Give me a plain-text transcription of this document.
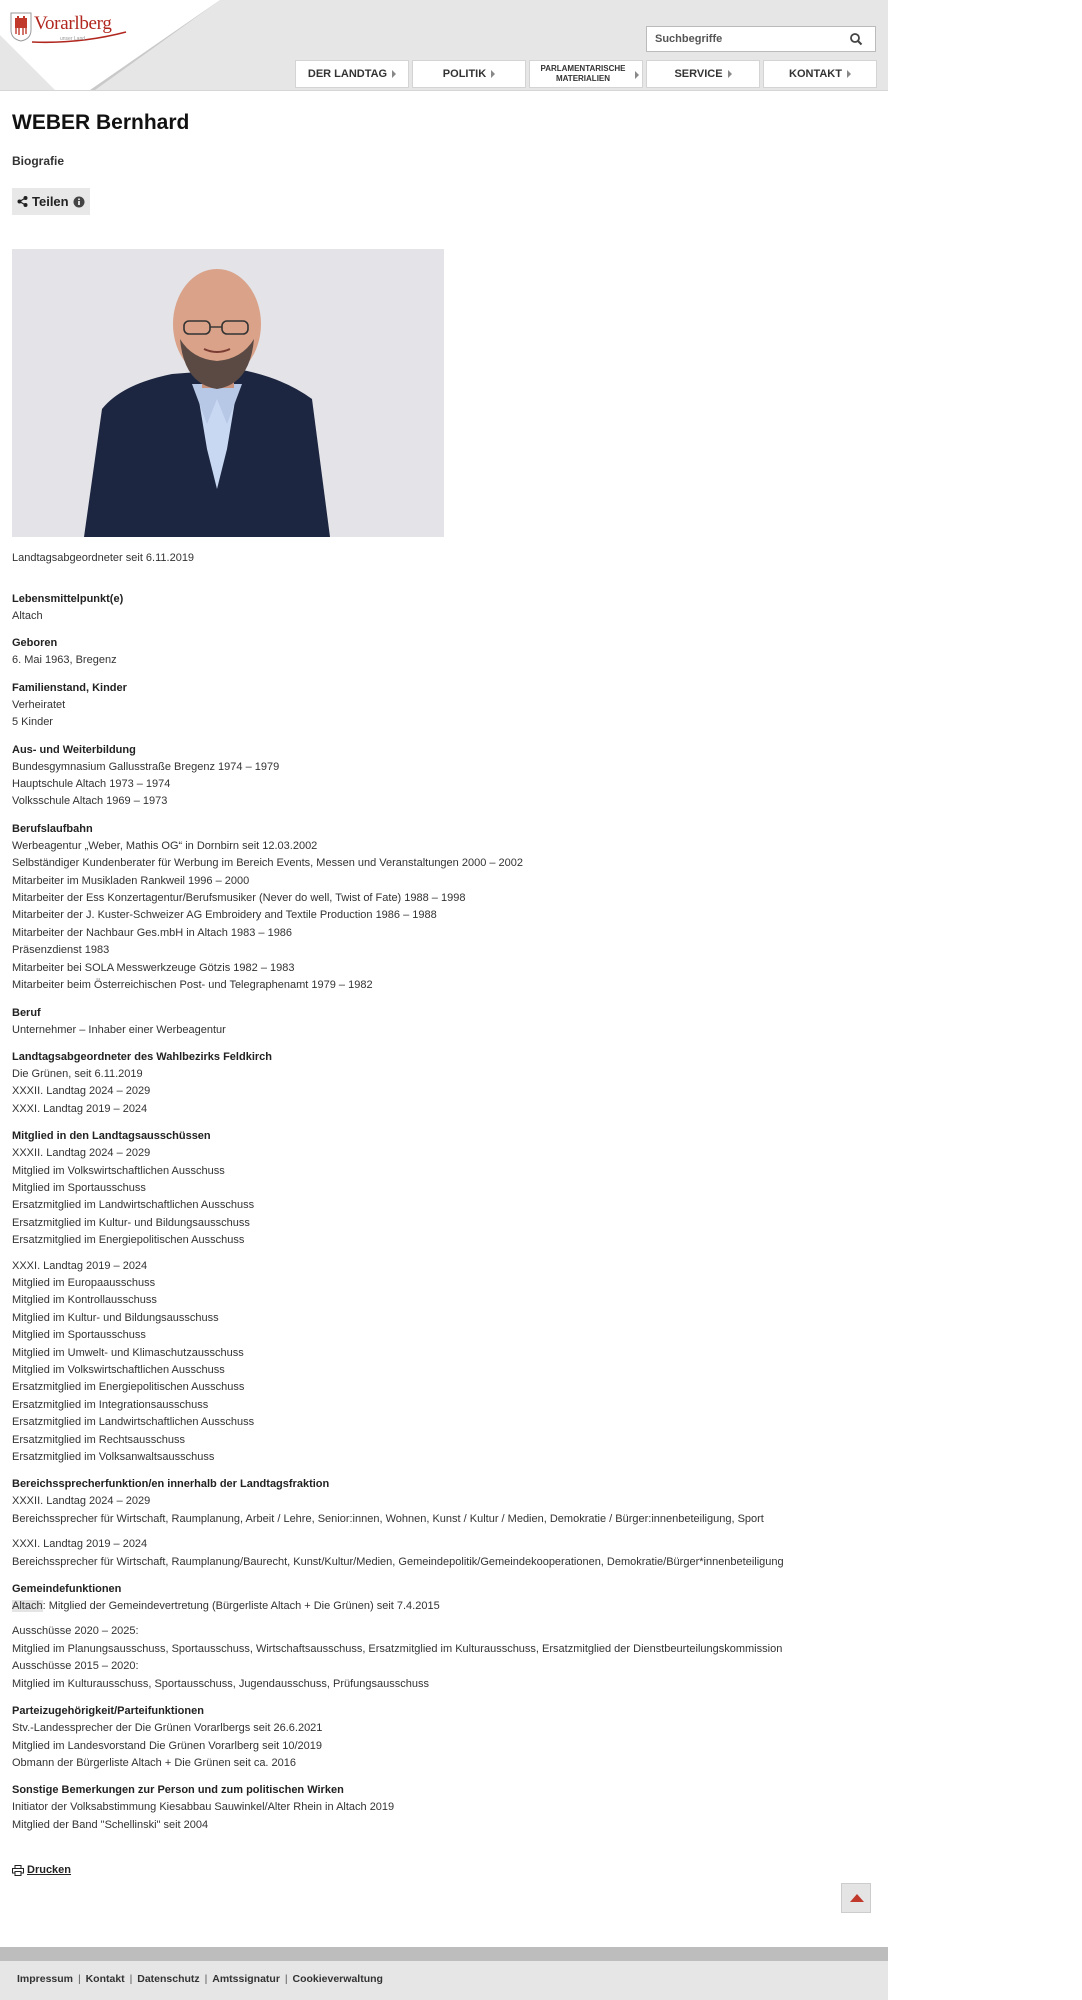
Vorarlberg
unser Land
Suchbegriffe
DER LANDTAG	POLITIK	PARLAMENTARISCHE
MATERIALIEN	SERVICE	KONTAKT
WEBER Bernhard
Biografie
Teilen
Landtagsabgeordneter seit 6.11.2019
Lebensmittelpunkt(e)
Altach
Geboren
6. Mai 1963, Bregenz
Familienstand, Kinder
Verheiratet
5 Kinder
Aus- und Weiterbildung
Bundesgymnasium Gallusstraße Bregenz 1974 – 1979
Hauptschule Altach 1973 – 1974
Volksschule Altach 1969 – 1973
Berufslaufbahn
Werbeagentur „Weber, Mathis OG“ in Dornbirn seit 12.03.2002
Selbständiger Kundenberater für Werbung im Bereich Events, Messen und Veranstaltungen 2000 – 2002
Mitarbeiter im Musikladen Rankweil 1996 – 2000
Mitarbeiter der Ess Konzertagentur/Berufsmusiker (Never do well, Twist of Fate) 1988 – 1998
Mitarbeiter der J. Kuster-Schweizer AG Embroidery and Textile Production 1986 – 1988
Mitarbeiter der Nachbaur Ges.mbH in Altach 1983 – 1986
Präsenzdienst 1983
Mitarbeiter bei SOLA Messwerkzeuge Götzis 1982 – 1983
Mitarbeiter beim Österreichischen Post- und Telegraphenamt 1979 – 1982
Beruf
Unternehmer – Inhaber einer Werbeagentur
Landtagsabgeordneter des Wahlbezirks Feldkirch
Die Grünen, seit 6.11.2019
XXXII. Landtag 2024 – 2029
XXXI. Landtag 2019 – 2024
Mitglied in den Landtagsausschüssen
XXXII. Landtag 2024 – 2029
Mitglied im Volkswirtschaftlichen Ausschuss
Mitglied im Sportausschuss
Ersatzmitglied im Landwirtschaftlichen Ausschuss
Ersatzmitglied im Kultur- und Bildungsausschuss
Ersatzmitglied im Energiepolitischen Ausschuss
XXXI. Landtag 2019 – 2024
Mitglied im Europaausschuss
Mitglied im Kontrollausschuss
Mitglied im Kultur- und Bildungsausschuss
Mitglied im Sportausschuss
Mitglied im Umwelt- und Klimaschutzausschuss
Mitglied im Volkswirtschaftlichen Ausschuss
Ersatzmitglied im Energiepolitischen Ausschuss
Ersatzmitglied im Integrationsausschuss
Ersatzmitglied im Landwirtschaftlichen Ausschuss
Ersatzmitglied im Rechtsausschuss
Ersatzmitglied im Volksanwaltsausschuss
Bereichssprecherfunktion/en innerhalb der Landtagsfraktion
XXXII. Landtag 2024 – 2029
Bereichssprecher für Wirtschaft, Raumplanung, Arbeit / Lehre, Senior:innen, Wohnen, Kunst / Kultur / Medien, Demokratie / Bürger:innenbeteiligung, Sport
XXXI. Landtag 2019 – 2024
Bereichssprecher für Wirtschaft, Raumplanung/Baurecht, Kunst/Kultur/Medien, Gemeindepolitik/Gemeindekooperationen, Demokratie/Bürger*innenbeteiligung
Gemeindefunktionen
Altach: Mitglied der Gemeindevertretung (Bürgerliste Altach + Die Grünen) seit 7.4.2015
Ausschüsse 2020 – 2025:
Mitglied im Planungsausschuss, Sportausschuss, Wirtschaftsausschuss, Ersatzmitglied im Kulturausschuss, Ersatzmitglied der Dienstbeurteilungskommission
Ausschüsse 2015 – 2020:
Mitglied im Kulturausschuss, Sportausschuss, Jugendausschuss, Prüfungsausschuss
Parteizugehörigkeit/Parteifunktionen
Stv.-Landessprecher der Die Grünen Vorarlbergs seit 26.6.2021
Mitglied im Landesvorstand Die Grünen Vorarlberg seit 10/2019
Obmann der Bürgerliste Altach + Die Grünen seit ca. 2016
Sonstige Bemerkungen zur Person und zum politischen Wirken
Initiator der Volksabstimmung Kiesabbau Sauwinkel/Alter Rhein in Altach 2019
Mitglied der Band "Schellinski" seit 2004
Drucken
Impressum | Kontakt | Datenschutz | Amtssignatur | Cookieverwaltung
